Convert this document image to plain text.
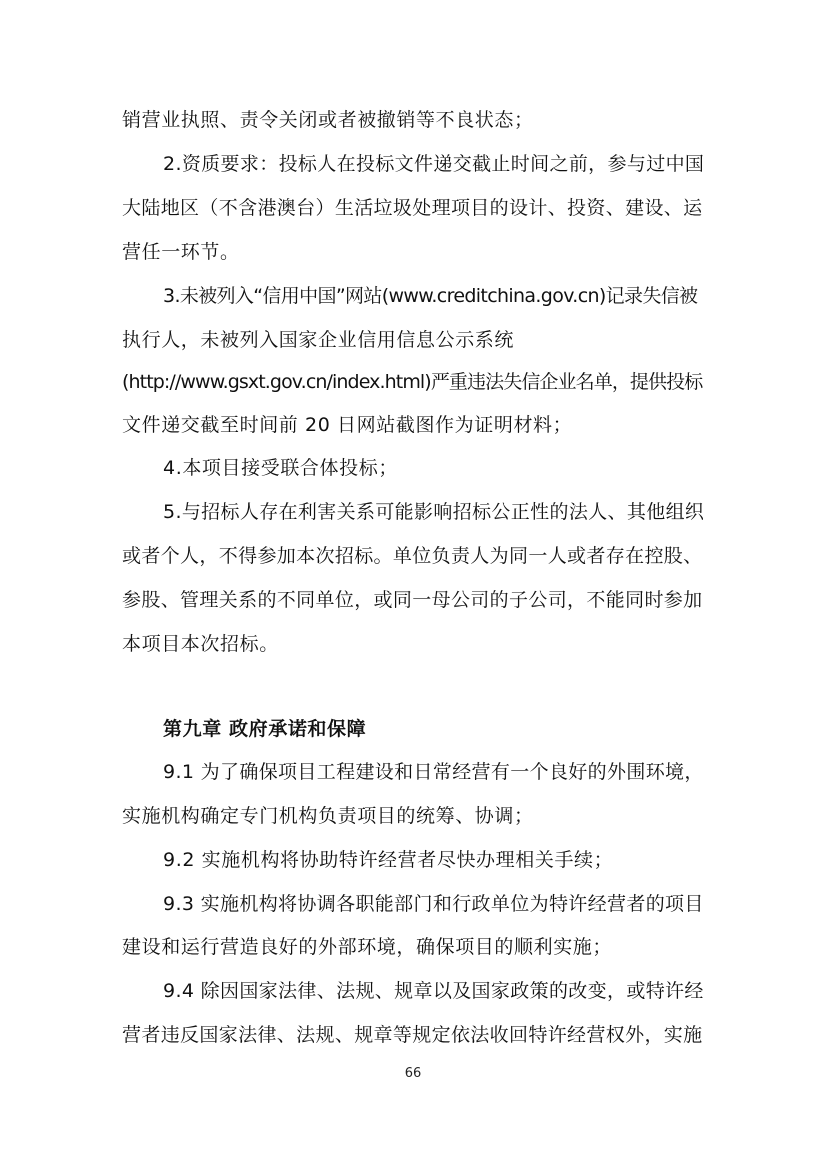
销营业执照、责令关闭或者被撤销等不良状态；
2.资质要求：投标人在投标文件递交截止时间之前，参与过中国
大陆地区（不含港澳台）生活垃圾处理项目的设计、投资、建设、运
营任一环节。
3.未被列入“信用中国”网站(www.creditchina.gov.cn)记录失信被
执行人，未被列入国家企业信用信息公示系统
(http://www.gsxt.gov.cn/index.html)严重违法失信企业名单，提供投标
文件递交截至时间前 20 日网站截图作为证明材料；
4.本项目接受联合体投标；
5.与招标人存在利害关系可能影响招标公正性的法人、其他组织
或者个人，不得参加本次招标。单位负责人为同一人或者存在控股、
参股、管理关系的不同单位，或同一母公司的子公司，不能同时参加
本项目本次招标。
第九章 政府承诺和保障
9.1 为了确保项目工程建设和日常经营有一个良好的外围环境，
实施机构确定专门机构负责项目的统筹、协调；
9.2 实施机构将协助特许经营者尽快办理相关手续；
9.3 实施机构将协调各职能部门和行政单位为特许经营者的项目
建设和运行营造良好的外部环境，确保项目的顺利实施；
9.4 除因国家法律、法规、规章以及国家政策的改变，或特许经
营者违反国家法律、法规、规章等规定依法收回特许经营权外，实施
66
